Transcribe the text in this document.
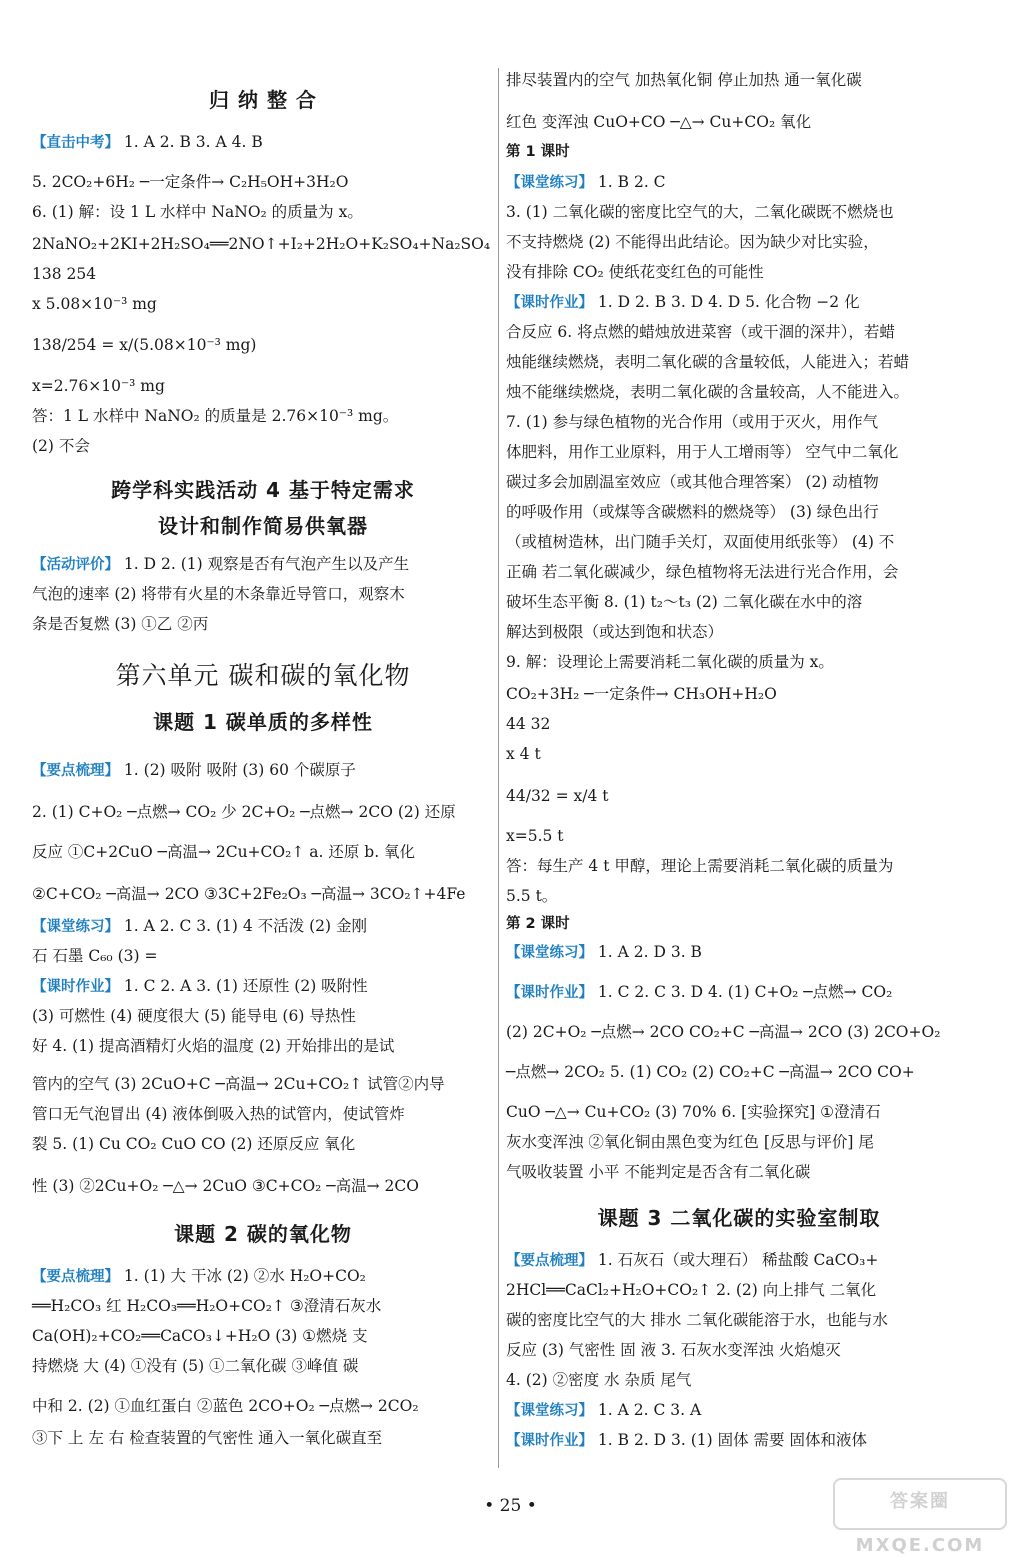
归 纳 整 合
【直击中考】 1. A 2. B 3. A 4. B
5. 2CO₂+6H₂ ─一定条件→ C₂H₅OH+3H₂O
6. (1) 解：设 1 L 水样中 NaNO₂ 的质量为 x。
2NaNO₂+2KI+2H₂SO₄══2NO↑+I₂+2H₂O+K₂SO₄+Na₂SO₄
138 254
x 5.08×10⁻³ mg
138/254 = x/(5.08×10⁻³ mg)
x=2.76×10⁻³ mg
答：1 L 水样中 NaNO₂ 的质量是 2.76×10⁻³ mg。
(2) 不会
跨学科实践活动 4 基于特定需求
设计和制作简易供氧器
【活动评价】 1. D 2. (1) 观察是否有气泡产生以及产生
气泡的速率 (2) 将带有火星的木条靠近导管口，观察木
条是否复燃 (3) ①乙 ②丙
第六单元 碳和碳的氧化物
课题 1 碳单质的多样性
【要点梳理】 1. (2) 吸附 吸附 (3) 60 个碳原子
2. (1) C+O₂ ─点燃→ CO₂ 少 2C+O₂ ─点燃→ 2CO (2) 还原
反应 ①C+2CuO ─高温→ 2Cu+CO₂↑ a. 还原 b. 氧化
②C+CO₂ ─高温→ 2CO ③3C+2Fe₂O₃ ─高温→ 3CO₂↑+4Fe
【课堂练习】 1. A 2. C 3. (1) 4 不活泼 (2) 金刚
石 石墨 C₆₀ (3) =
【课时作业】 1. C 2. A 3. (1) 还原性 (2) 吸附性
(3) 可燃性 (4) 硬度很大 (5) 能导电 (6) 导热性
好 4. (1) 提高酒精灯火焰的温度 (2) 开始排出的是试
管内的空气 (3) 2CuO+C ─高温→ 2Cu+CO₂↑ 试管②内导
管口无气泡冒出 (4) 液体倒吸入热的试管内，使试管炸
裂 5. (1) Cu CO₂ CuO CO (2) 还原反应 氧化
性 (3) ②2Cu+O₂ ─△→ 2CuO ③C+CO₂ ─高温→ 2CO
课题 2 碳的氧化物
【要点梳理】 1. (1) 大 干冰 (2) ②水 H₂O+CO₂
══H₂CO₃ 红 H₂CO₃══H₂O+CO₂↑ ③澄清石灰水
Ca(OH)₂+CO₂══CaCO₃↓+H₂O (3) ①燃烧 支
持燃烧 大 (4) ①没有 (5) ①二氧化碳 ③峰值 碳
中和 2. (2) ①血红蛋白 ②蓝色 2CO+O₂ ─点燃→ 2CO₂
③下 上 左 右 检查装置的气密性 通入一氧化碳直至
排尽装置内的空气 加热氧化铜 停止加热 通一氧化碳
红色 变浑浊 CuO+CO ─△→ Cu+CO₂ 氧化
第 1 课时
【课堂练习】 1. B 2. C
3. (1) 二氧化碳的密度比空气的大，二氧化碳既不燃烧也
不支持燃烧 (2) 不能得出此结论。因为缺少对比实验，
没有排除 CO₂ 使纸花变红色的可能性
【课时作业】 1. D 2. B 3. D 4. D 5. 化合物 −2 化
合反应 6. 将点燃的蜡烛放进菜窖（或干涸的深井），若蜡
烛能继续燃烧，表明二氧化碳的含量较低，人能进入；若蜡
烛不能继续燃烧，表明二氧化碳的含量较高，人不能进入。
7. (1) 参与绿色植物的光合作用（或用于灭火，用作气
体肥料，用作工业原料，用于人工增雨等） 空气中二氧化
碳过多会加剧温室效应（或其他合理答案） (2) 动植物
的呼吸作用（或煤等含碳燃料的燃烧等） (3) 绿色出行
（或植树造林，出门随手关灯，双面使用纸张等） (4) 不
正确 若二氧化碳减少，绿色植物将无法进行光合作用，会
破坏生态平衡 8. (1) t₂～t₃ (2) 二氧化碳在水中的溶
解达到极限（或达到饱和状态）
9. 解：设理论上需要消耗二氧化碳的质量为 x。
CO₂+3H₂ ─一定条件→ CH₃OH+H₂O
44 32
x 4 t
44/32 = x/4 t
x=5.5 t
答：每生产 4 t 甲醇，理论上需要消耗二氧化碳的质量为
5.5 t。
第 2 课时
【课堂练习】 1. A 2. D 3. B
【课时作业】 1. C 2. C 3. D 4. (1) C+O₂ ─点燃→ CO₂
(2) 2C+O₂ ─点燃→ 2CO CO₂+C ─高温→ 2CO (3) 2CO+O₂
─点燃→ 2CO₂ 5. (1) CO₂ (2) CO₂+C ─高温→ 2CO CO+
CuO ─△→ Cu+CO₂ (3) 70% 6. [实验探究] ①澄清石
灰水变浑浊 ②氧化铜由黑色变为红色 [反思与评价] 尾
气吸收装置 小平 不能判定是否含有二氧化碳
课题 3 二氧化碳的实验室制取
【要点梳理】 1. 石灰石（或大理石） 稀盐酸 CaCO₃+
2HCl══CaCl₂+H₂O+CO₂↑ 2. (2) 向上排气 二氧化
碳的密度比空气的大 排水 二氧化碳能溶于水，也能与水
反应 (3) 气密性 固 液 3. 石灰水变浑浊 火焰熄灭
4. (2) ②密度 水 杂质 尾气
【课堂练习】 1. A 2. C 3. A
【课时作业】 1. B 2. D 3. (1) 固体 需要 固体和液体
• 25 •	答案圈 MXQE.COM
